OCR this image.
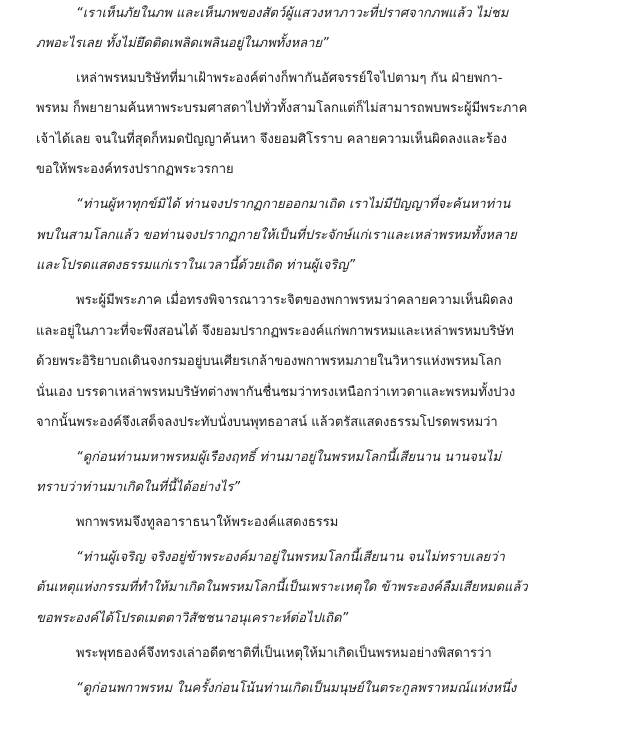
“เราเห็นภัยในภพ และเห็นภพของสัตว์ผู้แสวงหาภาวะที่ปราศจากภพแล้ว ไม่ชม
ภพอะไรเลย ทั้งไม่ยึดติดเพลิดเพลินอยู่ในภพทั้งหลาย”
เหล่าพรหมบริษัทที่มาเฝ้าพระองค์ต่างก็พากันอัศจรรย์ใจไปตามๆ กัน ฝ่ายพกา-
พรหม ก็พยายามค้นหาพระบรมศาสดาไปทั่วทั้งสามโลกแต่ก็ไม่สามารถพบพระผู้มีพระภาค
เจ้าได้เลย จนในที่สุดก็หมดปัญญาค้นหา จึงยอมศิโรราบ คลายความเห็นผิดลงและร้อง
ขอให้พระองค์ทรงปรากฏพระวรกาย
“ท่านผู้หาทุกข์มิได้ ท่านจงปรากฏกายออกมาเถิด เราไม่มีปัญญาที่จะค้นหาท่าน
พบในสามโลกแล้ว ขอท่านจงปรากฏกายให้เป็นที่ประจักษ์แก่เราและเหล่าพรหมทั้งหลาย
และโปรดแสดงธรรมแก่เราในเวลานี้ด้วยเถิด ท่านผู้เจริญ”
พระผู้มีพระภาค เมื่อทรงพิจารณาวาระจิตของพกาพรหมว่าคลายความเห็นผิดลง
และอยู่ในภาวะที่จะพึงสอนได้ จึงยอมปรากฏพระองค์แก่พกาพรหมและเหล่าพรหมบริษัท
ด้วยพระอิริยาบถเดินจงกรมอยู่บนเศียรเกล้าของพกาพรหมภายในวิหารแห่งพรหมโลก
นั่นเอง บรรดาเหล่าพรหมบริษัทต่างพากันชื่นชมว่าทรงเหนือกว่าเทวดาและพรหมทั้งปวง
จากนั้นพระองค์จึงเสด็จลงประทับนั่งบนพุทธอาสน์ แล้วตรัสแสดงธรรมโปรดพรหมว่า
“ดูก่อนท่านมหาพรหมผู้เรืองฤทธิ์ ท่านมาอยู่ในพรหมโลกนี้เสียนาน นานจนไม่
ทราบว่าท่านมาเกิดในที่นี้ได้อย่างไร”
พกาพรหมจึงทูลอาราธนาให้พระองค์แสดงธรรม
“ท่านผู้เจริญ จริงอยู่ข้าพระองค์มาอยู่ในพรหมโลกนี้เสียนาน จนไม่ทราบเลยว่า
ต้นเหตุแห่งกรรมที่ทำให้มาเกิดในพรหมโลกนี้เป็นเพราะเหตุใด ข้าพระองค์ลืมเสียหมดแล้ว
ขอพระองค์ได้โปรดเมตตาวิสัชชนาอนุเคราะห์ต่อไปเถิด”
พระพุทธองค์จึงทรงเล่าอดีตชาติที่เป็นเหตุให้มาเกิดเป็นพรหมอย่างพิสดารว่า
“ดูก่อนพกาพรหม ในครั้งก่อนโน้นท่านเกิดเป็นมนุษย์ในตระกูลพราหมณ์แห่งหนึ่ง
